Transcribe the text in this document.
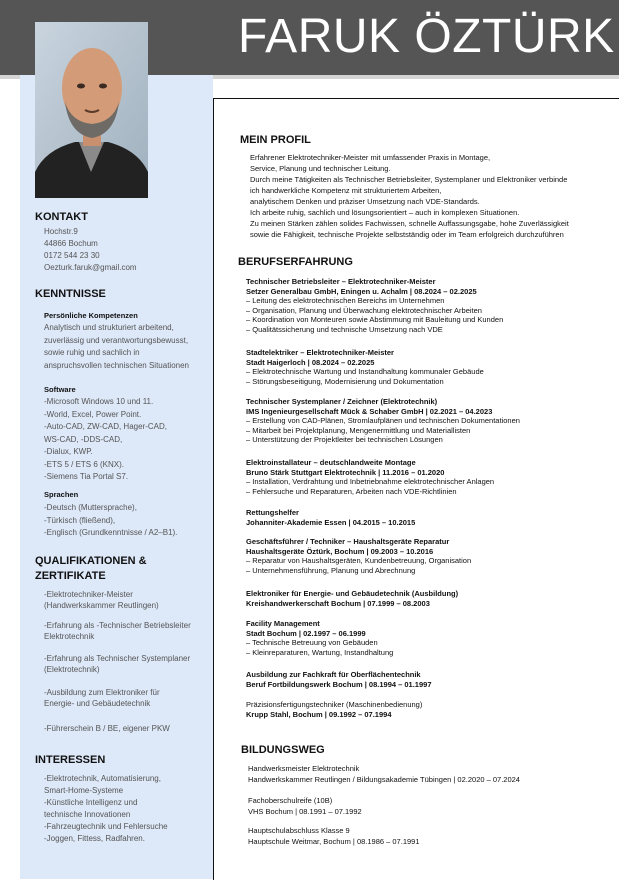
FARUK ÖZTÜRK
KONTAKT
Hochstr.9
44866 Bochum
0172 544 23 30
Oezturk.faruk@gmail.com
KENNTNISSE
Persönliche Kompetenzen
Analytisch und strukturiert arbeitend,
zuverlässig und verantwortungsbewusst,
sowie ruhig und sachlich in
anspruchsvollen technischen Situationen
Software
-Microsoft Windows 10 und 11.
-World, Excel, Power Point.
-Auto-CAD, ZW-CAD, Hager-CAD,
WS-CAD, -DDS-CAD,
-Dialux, KWP.
-ETS 5 / ETS 6 (KNX).
-Siemens Tia Portal S7.
Sprachen
-Deutsch (Muttersprache),
-Türkisch (fließend),
-Englisch (Grundkenntnisse / A2–B1).
QUALIFIKATIONEN &
ZERTIFIKATE
-Elektrotechniker-Meister
(Handwerkskammer Reutlingen)
-Erfahrung als -Technischer Betriebsleiter
Elektrotechnik
-Erfahrung als Technischer Systemplaner
(Elektrotechnik)
-Ausbildung zum Elektroniker für
Energie- und Gebäudetechnik
-Führerschein B / BE, eigener PKW
INTERESSEN
-Elektrotechnik, Automatisierung,
Smart-Home-Systeme
-Künstliche Intelligenz und
technische Innovationen
-Fahrzeugtechnik und Fehlersuche
-Joggen, Fittess, Radfahren.
MEIN PROFIL
Erfahrener Elektrotechniker-Meister mit umfassender Praxis in Montage,
Service, Planung und technischer Leitung.
Durch meine Tätigkeiten als Technischer Betriebsleiter, Systemplaner und Elektroniker verbinde
ich handwerkliche Kompetenz mit strukturiertem Arbeiten,
analytischem Denken und präziser Umsetzung nach VDE-Standards.
Ich arbeite ruhig, sachlich und lösungsorientiert – auch in komplexen Situationen.
Zu meinen Stärken zählen solides Fachwissen, schnelle Auffassungsgabe, hohe Zuverlässigkeit
sowie die Fähigkeit, technische Projekte selbstständig oder im Team erfolgreich durchzuführen
BERUFSERFAHRUNG
Technischer Betriebsleiter – Elektrotechniker-Meister
Setzer Generalbau GmbH, Eningen u. Achalm | 08.2024 – 02.2025
– Leitung des elektrotechnischen Bereichs im Unternehmen
– Organisation, Planung und Überwachung elektrotechnischer Arbeiten
– Koordination von Monteuren sowie Abstimmung mit Bauleitung und Kunden
– Qualitätssicherung und technische Umsetzung nach VDE
Stadtelektriker – Elektrotechniker-Meister
Stadt Haigerloch | 08.2024 – 02.2025
– Elektrotechnische Wartung und Instandhaltung kommunaler Gebäude
– Störungsbeseitigung, Modernisierung und Dokumentation
Technischer Systemplaner / Zeichner (Elektrotechnik)
IMS Ingenieurgesellschaft Mück & Schaber GmbH | 02.2021 – 04.2023
– Erstellung von CAD-Plänen, Stromlaufplänen und technischen Dokumentationen
– Mitarbeit bei Projektplanung, Mengenermittlung und Materiallisten
– Unterstützung der Projektleiter bei technischen Lösungen
Elektroinstallateur – deutschlandweite Montage
Bruno Stärk Stuttgart Elektrotechnik | 11.2016 – 01.2020
– Installation, Verdrahtung und Inbetriebnahme elektrotechnischer Anlagen
– Fehlersuche und Reparaturen, Arbeiten nach VDE-Richtlinien
Rettungshelfer
Johanniter-Akademie Essen | 04.2015 – 10.2015
Geschäftsführer / Techniker – Haushaltsgeräte Reparatur
Haushaltsgeräte Öztürk, Bochum | 09.2003 – 10.2016
– Reparatur von Haushaltsgeräten, Kundenbetreuung, Organisation
– Unternehmensführung, Planung und Abrechnung
Elektroniker für Energie- und Gebäudetechnik (Ausbildung)
Kreishandwerkerschaft Bochum | 07.1999 – 08.2003
Facility Management
Stadt Bochum | 02.1997 – 06.1999
– Technische Betreuung von Gebäuden
– Kleinreparaturen, Wartung, Instandhaltung
Ausbildung zur Fachkraft für Oberflächentechnik
Beruf Fortbildungswerk Bochum | 08.1994 – 01.1997
Präzisionsfertigungstechniker (Maschinenbedienung)
Krupp Stahl, Bochum | 09.1992 – 07.1994
BILDUNGSWEG
Handwerksmeister Elektrotechnik
Handwerkskammer Reutlingen / Bildungsakademie Tübingen | 02.2020 – 07.2024
Fachoberschulreife (10B)
VHS Bochum | 08.1991 – 07.1992
Hauptschulabschluss Klasse 9
Hauptschule Weitmar, Bochum | 08.1986 – 07.1991
